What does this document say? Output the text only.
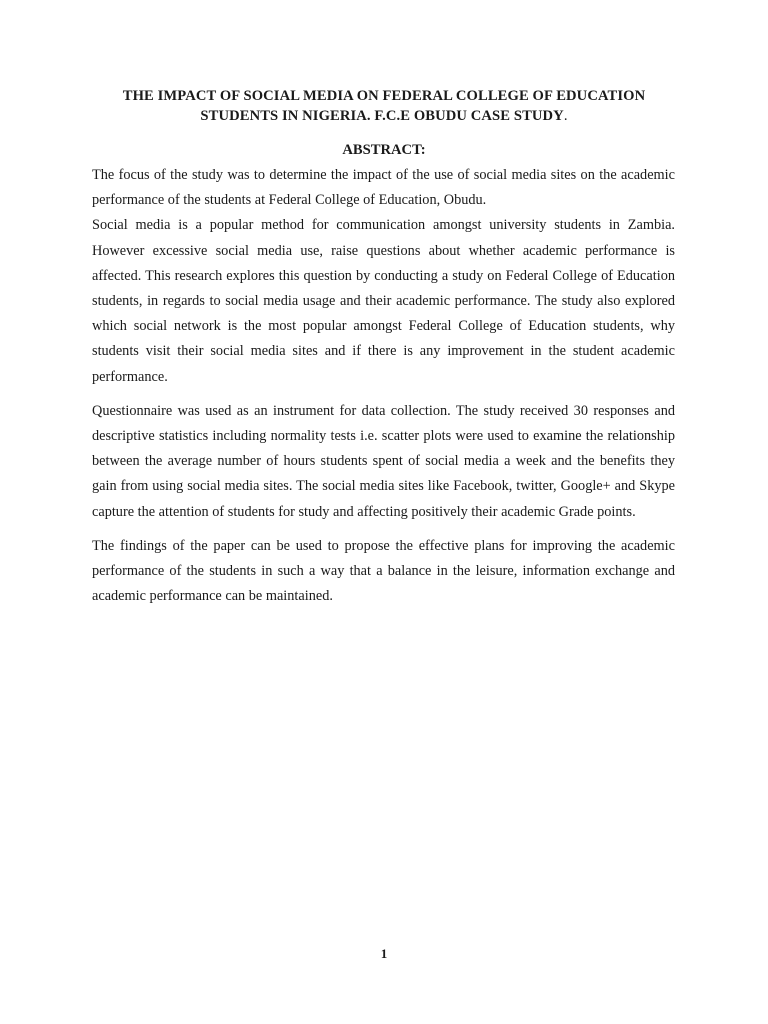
THE IMPACT OF SOCIAL MEDIA ON FEDERAL COLLEGE OF EDUCATION STUDENTS IN NIGERIA. F.C.E OBUDU CASE STUDY.
ABSTRACT:

The focus of the study was to determine the impact of the use of social media sites on the academic performance of the students at Federal College of Education, Obudu.

Social media is a popular method for communication amongst university students in Zambia. However excessive social media use, raise questions about whether academic performance is affected. This research explores this question by conducting a study on Federal College of Education students, in regards to social media usage and their academic performance. The study also explored which social network is the most popular amongst Federal College of Education students, why students visit their social media sites and if there is any improvement in the student academic performance.

Questionnaire was used as an instrument for data collection. The study received 30 responses and descriptive statistics including normality tests i.e. scatter plots were used to examine the relationship between the average number of hours students spent of social media a week and the benefits they gain from using social media sites. The social media sites like Facebook, twitter, Google+ and Skype capture the attention of students for study and affecting positively their academic Grade points.

The findings of the paper can be used to propose the effective plans for improving the academic performance of the students in such a way that a balance in the leisure, information exchange and academic performance can be maintained.

1
